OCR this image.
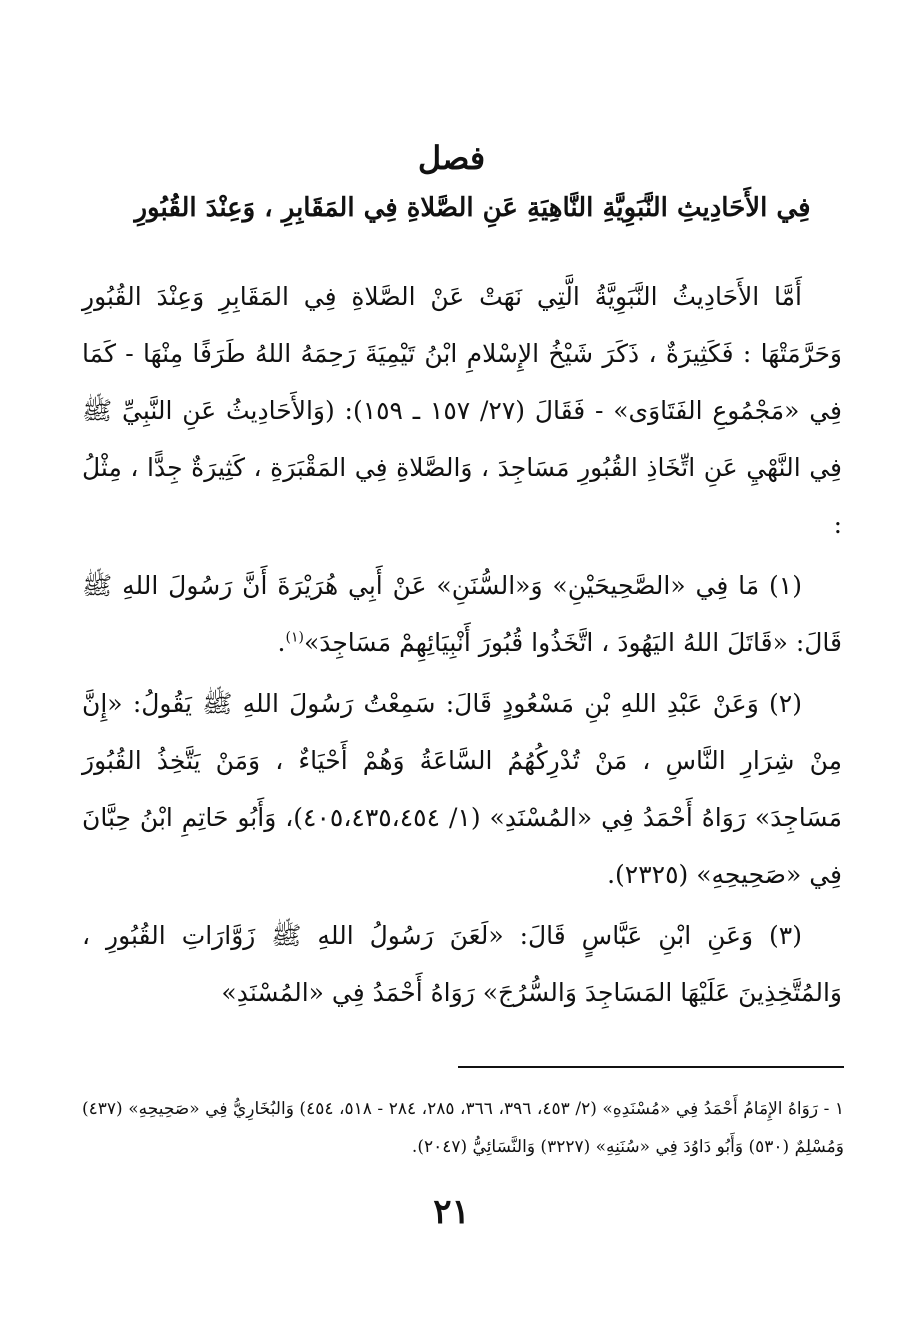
فصل
فِي الأَحَادِيثِ النَّبَوِيَّةِ النَّاهِيَةِ عَنِ الصَّلاةِ فِي المَقَابِرِ ، وَعِنْدَ القُبُورِ

أَمَّا الأَحَادِيثُ النَّبَوِيَّةُ الَّتِي نَهَتْ عَنْ الصَّلاةِ فِي المَقَابِرِ وَعِنْدَ القُبُورِ وَحَرَّمَتْهَا : فَكَثِيرَةٌ ، ذَكَرَ شَيْخُ الإِسْلامِ ابْنُ تَيْمِيَةَ رَحِمَهُ اللهُ طَرَفًا مِنْهَا - كَمَا فِي «مَجْمُوعِ الفَتَاوَى» - فَقَالَ (٢٧/ ١٥٧ ـ ١٥٩): (وَالأَحَادِيثُ عَنِ النَّبِيِّ ﷺ فِي النَّهْيِ عَنِ اتِّخَاذِ القُبُورِ مَسَاجِدَ ، وَالصَّلاةِ فِي المَقْبَرَةِ ، كَثِيرَةٌ جِدًّا ، مِثْلُ :

(١) مَا فِي «الصَّحِيحَيْنِ» وَ«السُّنَنِ» عَنْ أَبِي هُرَيْرَةَ أَنَّ رَسُولَ اللهِ ﷺ قَالَ: «قَاتَلَ اللهُ اليَهُودَ ، اتَّخَذُوا قُبُورَ أَنْبِيَائِهِمْ مَسَاجِدَ»$^{(١)}$.

(٢) وَعَنْ عَبْدِ اللهِ بْنِ مَسْعُودٍ قَالَ: سَمِعْتُ رَسُولَ اللهِ ﷺ يَقُولُ: «إِنَّ مِنْ شِرَارِ النَّاسِ ، مَنْ تُدْرِكُهُمُ السَّاعَةُ وَهُمْ أَحْيَاءٌ ، وَمَنْ يَتَّخِذُ القُبُورَ مَسَاجِدَ» رَوَاهُ أَحْمَدُ فِي «المُسْنَدِ» (١/ ٤٠٥،٤٣٥،٤٥٤)، وَأَبُو حَاتِمِ ابْنُ حِبَّانَ فِي «صَحِيحِهِ» (٢٣٢٥).

(٣) وَعَنِ ابْنِ عَبَّاسٍ قَالَ: «لَعَنَ رَسُولُ اللهِ ﷺ زَوَّارَاتِ القُبُورِ ، وَالمُتَّخِذِينَ عَلَيْهَا المَسَاجِدَ وَالسُّرُجَ» رَوَاهُ أَحْمَدُ فِي «المُسْنَدِ»

١ - رَوَاهُ الإِمَامُ أَحْمَدُ فِي «مُسْنَدِهِ» (٢/ ٤٥٣، ٣٩٦، ٣٦٦، ٢٨٥، ٢٨٤ - ٥١٨، ٤٥٤) وَالبُخَارِيُّ فِي «صَحِيحِهِ» (٤٣٧) وَمُسْلِمٌ (٥٣٠) وَأَبُو دَاوُدَ فِي «سُنَنِهِ» (٣٢٢٧) وَالنَّسَائِيُّ (٢٠٤٧).
٢١
